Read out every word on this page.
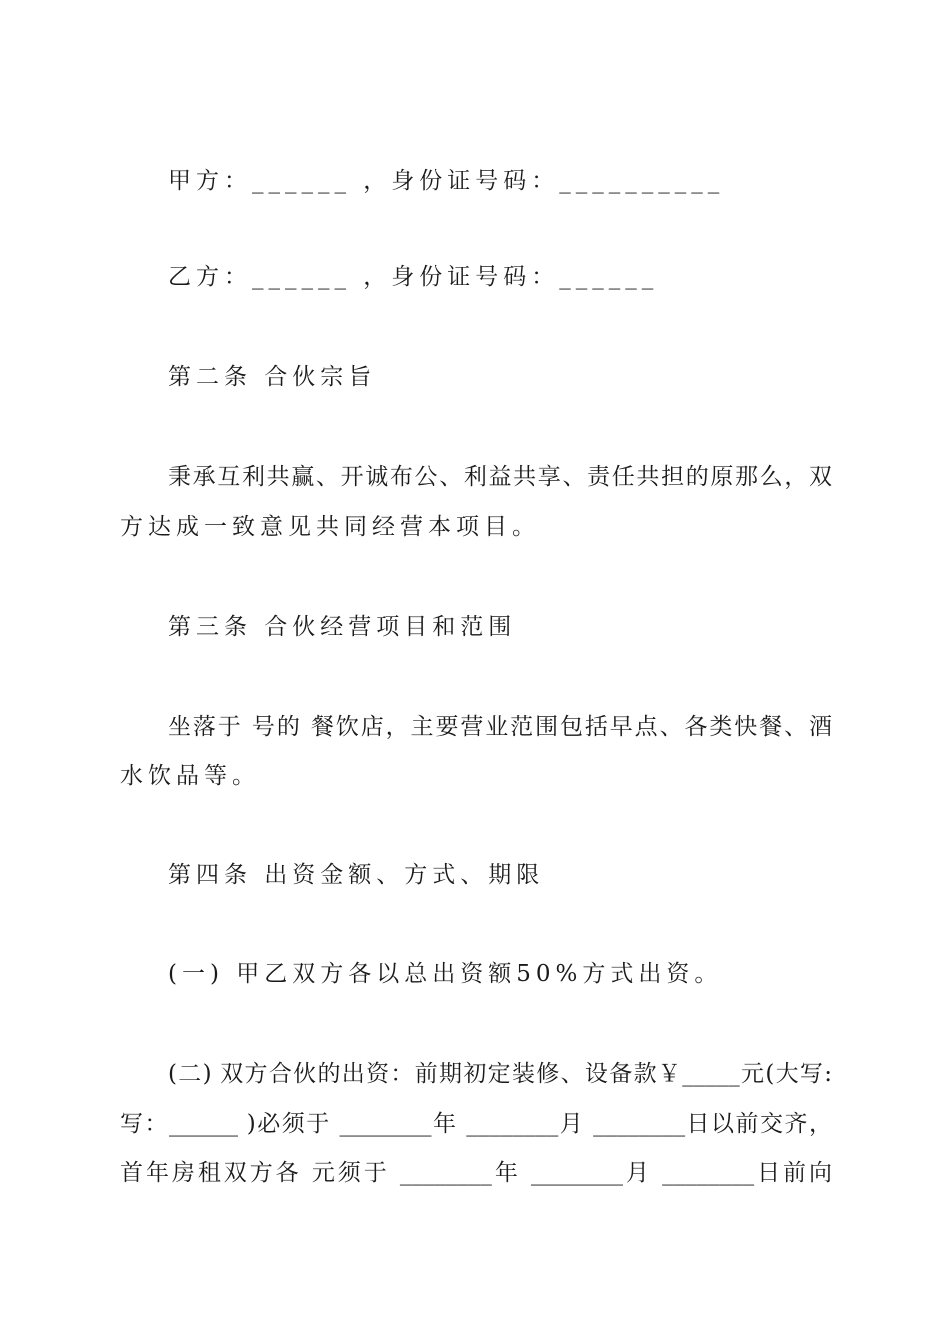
甲方：______ ，身份证号码：__________
乙方：______ ，身份证号码：______
第二条 合伙宗旨
秉承互利共赢、开诚布公、利益共享、责任共担的原那么，双
方达成一致意见共同经营本项目。
第三条 合伙经营项目和范围
坐落于 号的 餐饮店，主要营业范围包括早点、各类快餐、酒
水饮品等。
第四条 出资金额、方式、期限
(一) 甲乙双方各以总出资额50%方式出资。
(二) 双方合伙的出资：前期初定装修、设备款￥_____元(大写:
写：______ )必须于 ________年 ________月 ________日以前交齐，
首年房租双方各 元须于 ________年 ________月 ________日前向
